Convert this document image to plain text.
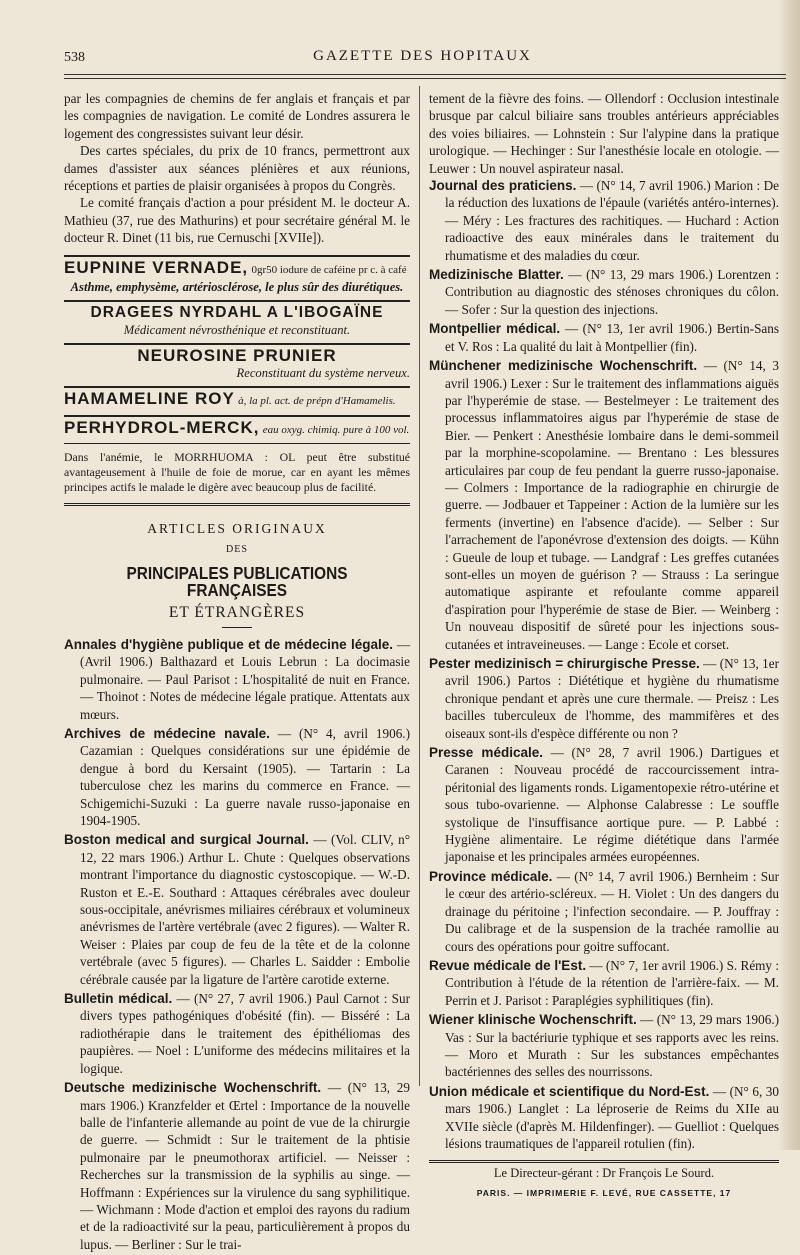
538	GAZETTE DES HOPITAUX

par les compagnies de chemins de fer anglais et français et par les compagnies de navigation. Le comité de Londres assurera le logement des congressistes suivant leur désir.

Des cartes spéciales, du prix de 10 francs, permettront aux dames d'assister aux séances plénières et aux réunions, réceptions et parties de plaisir organisées à propos du Congrès.

Le comité français d'action a pour président M. le docteur A. Mathieu (37, rue des Mathurins) et pour secrétaire général M. le docteur R. Dinet (11 bis, rue Cernuschi [XVIIe]).

EUPNINE VERNADE, 0gr50 iodure de caféine pr c. à café
Asthme, emphysème, artériosclérose, le plus sûr des diurétiques.
DRAGEES NYRDAHL A L'IBOGAÏNE
Médicament névrosthénique et reconstituant.
NEUROSINE PRUNIER
Reconstituant du système nerveux.
HAMAMELINE ROY à, la pl. act. de prépn d'Hamamelis.
PERHYDROL-MERCK, eau oxyg. chimiq. pure à 100 vol.

Dans l'anémie, le MORRHUOMA : OL peut être substitué avantageusement à l'huile de foie de morue, car en ayant les mêmes principes actifs le malade le digère avec beaucoup plus de facilité.

ARTICLES ORIGINAUX
DES
PRINCIPALES PUBLICATIONS FRANÇAISES
ET ÉTRANGÈRES

Annales d'hygiène publique et de médecine légale. — (Avril 1906.) Balthazard et Louis Lebrun : La docimasie pulmonaire. — Paul Parisot : L'hospitalité de nuit en France. — Thoinot : Notes de médecine légale pratique. Attentats aux mœurs.

Archives de médecine navale. — (N° 4, avril 1906.) Cazamian : Quelques considérations sur une épidémie de dengue à bord du Kersaint (1905). — Tartarin : La tuberculose chez les marins du commerce en France. — Schigemichi-Suzuki : La guerre navale russo-japonaise en 1904-1905.

Boston medical and surgical Journal. — (Vol. CLIV, n° 12, 22 mars 1906.) Arthur L. Chute : Quelques observations montrant l'importance du diagnostic cystoscopique. — W.-D. Ruston et E.-E. Southard : Attaques cérébrales avec douleur sous-occipitale, anévrismes miliaires cérébraux et volumineux anévrismes de l'artère vertébrale (avec 2 figures). — Walter R. Weiser : Plaies par coup de feu de la tête et de la colonne vertébrale (avec 5 figures). — Charles L. Saidder : Embolie cérébrale causée par la ligature de l'artère carotide externe.

Bulletin médical. — (N° 27, 7 avril 1906.) Paul Carnot : Sur divers types pathogéniques d'obésité (fin). — Bisséré : La radiothérapie dans le traitement des épithéliomas des paupières. — Noel : L'uniforme des médecins militaires et la logique.

Deutsche medizinische Wochenschrift. — (N° 13, 29 mars 1906.) Kranzfelder et Œrtel : Importance de la nouvelle balle de l'infanterie allemande au point de vue de la chirurgie de guerre. — Schmidt : Sur le traitement de la phtisie pulmonaire par le pneumothorax artificiel. — Neisser : Recherches sur la transmission de la syphilis au singe. — Hoffmann : Expériences sur la virulence du sang syphilitique. — Wichmann : Mode d'action et emploi des rayons du radium et de la radioactivité sur la peau, particulièrement à propos du lupus. — Berliner : Sur le trai-

tement de la fièvre des foins. — Ollendorf : Occlusion intestinale brusque par calcul biliaire sans troubles antérieurs appréciables des voies biliaires. — Lohnstein : Sur l'alypine dans la pratique urologique. — Hechinger : Sur l'anesthésie locale en otologie. — Leuwer : Un nouvel aspirateur nasal.

Journal des praticiens. — (N° 14, 7 avril 1906.) Marion : De la réduction des luxations de l'épaule (variétés antéro-internes). — Méry : Les fractures des rachitiques. — Huchard : Action radioactive des eaux minérales dans le traitement du rhumatisme et des maladies du cœur.

Medizinische Blatter. — (N° 13, 29 mars 1906.) Lorentzen : Contribution au diagnostic des sténoses chroniques du côlon. — Sofer : Sur la question des injections.

Montpellier médical. — (N° 13, 1er avril 1906.) Bertin-Sans et V. Ros : La qualité du lait à Montpellier (fin).

Münchener medizinische Wochenschrift. — (N° 14, 3 avril 1906.) Lexer : Sur le traitement des inflammations aiguës par l'hyperémie de stase. — Bestelmeyer : Le traitement des processus inflammatoires aigus par l'hyperémie de stase de Bier. — Penkert : Anesthésie lombaire dans le demi-sommeil par la morphine-scopolamine. — Brentano : Les blessures articulaires par coup de feu pendant la guerre russo-japonaise. — Colmers : Importance de la radiographie en chirurgie de guerre. — Jodbauer et Tappeiner : Action de la lumière sur les ferments (invertine) en l'absence d'acide). — Selber : Sur l'arrachement de l'aponévrose d'extension des doigts. — Kühn : Gueule de loup et tubage. — Landgraf : Les greffes cutanées sont-elles un moyen de guérison ? — Strauss : La seringue automatique aspirante et refoulante comme appareil d'aspiration pour l'hyperémie de stase de Bier. — Weinberg : Un nouveau dispositif de sûreté pour les injections sous-cutanées et intraveineuses. — Lange : Ecole et corset.

Pester medizinisch = chirurgische Presse. — (N° 13, 1er avril 1906.) Partos : Diététique et hygiène du rhumatisme chronique pendant et après une cure thermale. — Preisz : Les bacilles tuberculeux de l'homme, des mammifères et des oiseaux sont-ils d'espèce différente ou non ?

Presse médicale. — (N° 28, 7 avril 1906.) Dartigues et Caranen : Nouveau procédé de raccourcissement intra-péritonial des ligaments ronds. Ligamentopexie rétro-utérine et sous tubo-ovarienne. — Alphonse Calabresse : Le souffle systolique de l'insuffisance aortique pure. — P. Labbé : Hygiène alimentaire. Le régime diététique dans l'armée japonaise et les principales armées européennes.

Province médicale. — (N° 14, 7 avril 1906.) Bernheim : Sur le cœur des artério-scléreux. — H. Violet : Un des dangers du drainage du péritoine ; l'infection secondaire. — P. Jouffray : Du calibrage et de la suspension de la trachée ramollie au cours des opérations pour goitre suffocant.

Revue médicale de l'Est. — (N° 7, 1er avril 1906.) S. Rémy : Contribution à l'étude de la rétention de l'arrière-faix. — M. Perrin et J. Parisot : Paraplégies syphilitiques (fin).

Wiener klinische Wochenschrift. — (N° 13, 29 mars 1906.) Vas : Sur la bactériurie typhique et ses rapports avec les reins. — Moro et Murath : Sur les substances empêchantes bactériennes des selles des nourrissons.

Union médicale et scientifique du Nord-Est. — (N° 6, 30 mars 1906.) Langlet : La léproserie de Reims du XIIe au XVIIe siècle (d'après M. Hildenfinger). — Guelliot : Quelques lésions traumatiques de l'appareil rotulien (fin).

Le Directeur-gérant : Dr François Le Sourd.
PARIS. — IMPRIMERIE F. LEVÉ, RUE CASSETTE, 17
